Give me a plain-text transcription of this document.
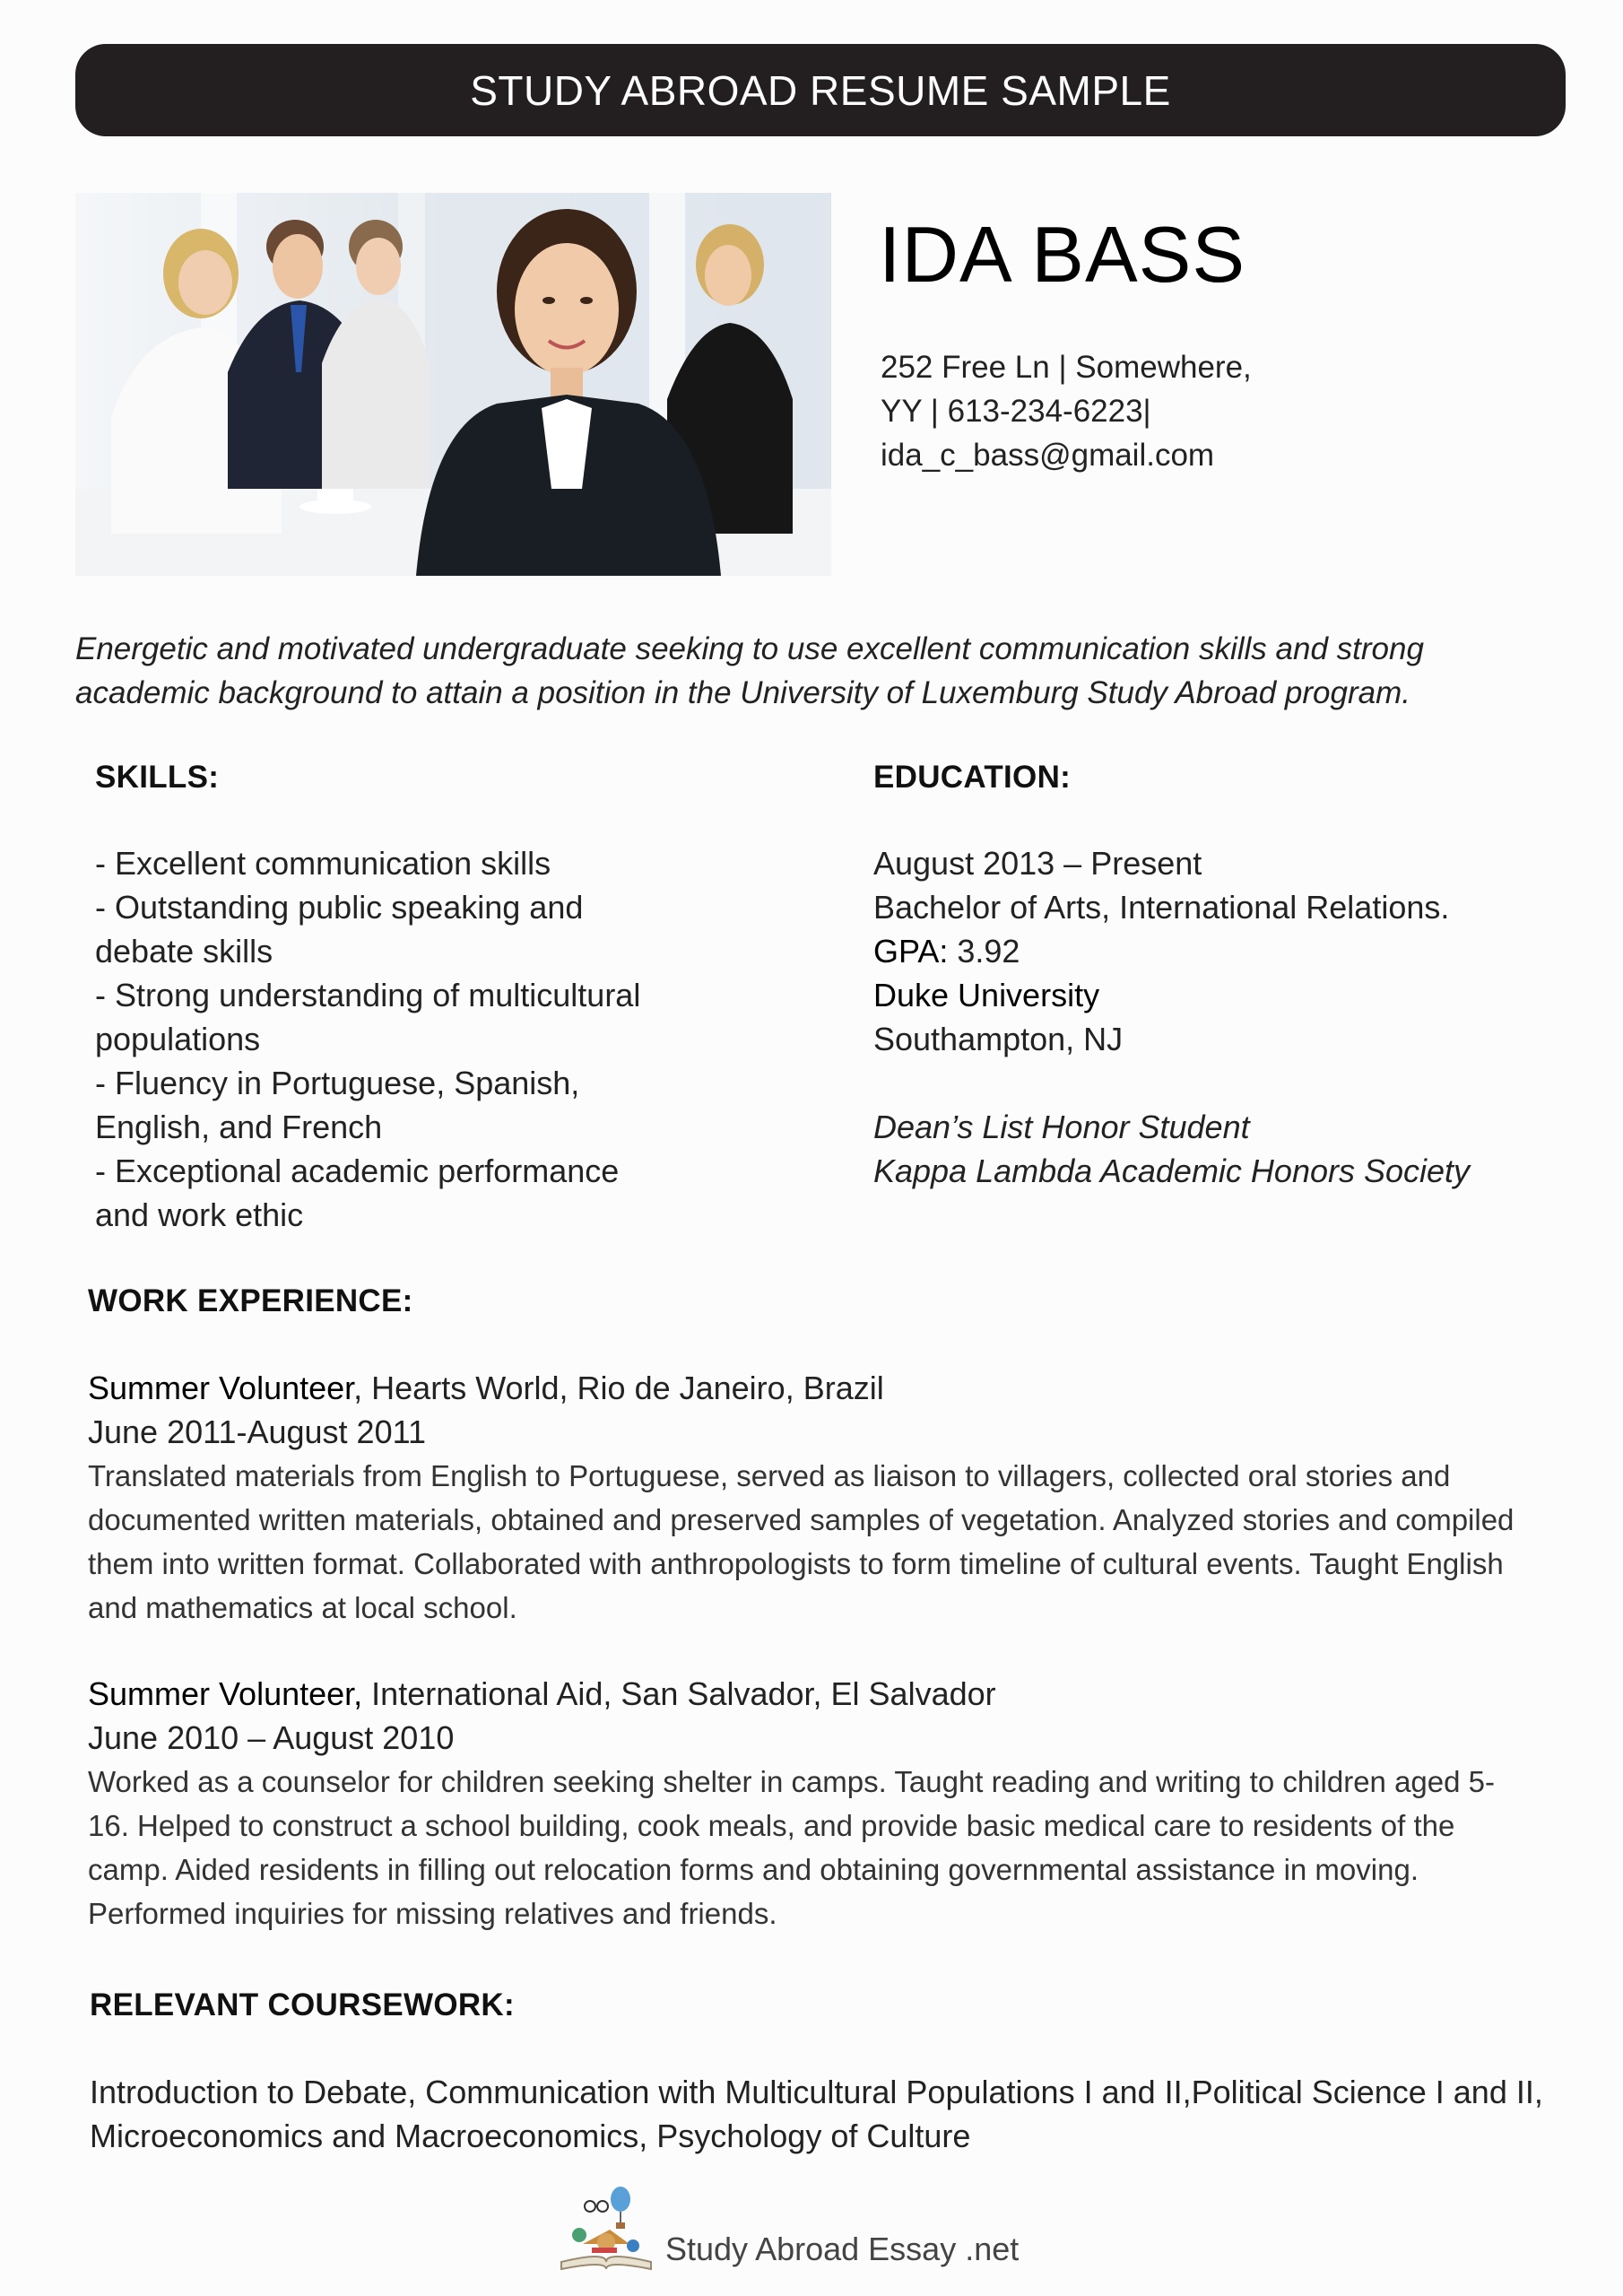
STUDY ABROAD RESUME SAMPLE
IDA BASS
252 Free Ln | Somewhere,
YY | 613-234-6223|
ida_c_bass@gmail.com
Energetic and motivated undergraduate seeking to use excellent communication skills and strong academic background to attain a position in the University of Luxemburg Study Abroad program.
SKILLS:
- Excellent communication skills
- Outstanding public speaking and
debate skills
- Strong understanding of multicultural
populations
- Fluency in Portuguese, Spanish,
English, and French
- Exceptional academic performance
and work ethic
EDUCATION:
August 2013 – Present
Bachelor of Arts, International Relations.
GPA: 3.92
Duke University
Southampton, NJ
Dean’s List Honor Student
Kappa Lambda Academic Honors Society
WORK EXPERIENCE:
Summer Volunteer, Hearts World, Rio de Janeiro, Brazil
June 2011-August 2011
Translated materials from English to Portuguese, served as liaison to villagers, collected oral stories and documented written materials, obtained and preserved samples of vegetation. Analyzed stories and compiled them into written format. Collaborated with anthropologists to form timeline of cultural events. Taught English and mathematics at local school.
Summer Volunteer, International Aid, San Salvador, El Salvador
June 2010 – August 2010
Worked as a counselor for children seeking shelter in camps. Taught reading and writing to children aged 5-16. Helped to construct a school building, cook meals, and provide basic medical care to residents of the camp. Aided residents in filling out relocation forms and obtaining governmental assistance in moving. Performed inquiries for missing relatives and friends.
RELEVANT COURSEWORK:
Introduction to Debate, Communication with Multicultural Populations I and II,Political Science I and II, Microeconomics and Macroeconomics, Psychology of Culture
Study Abroad Essay .net
